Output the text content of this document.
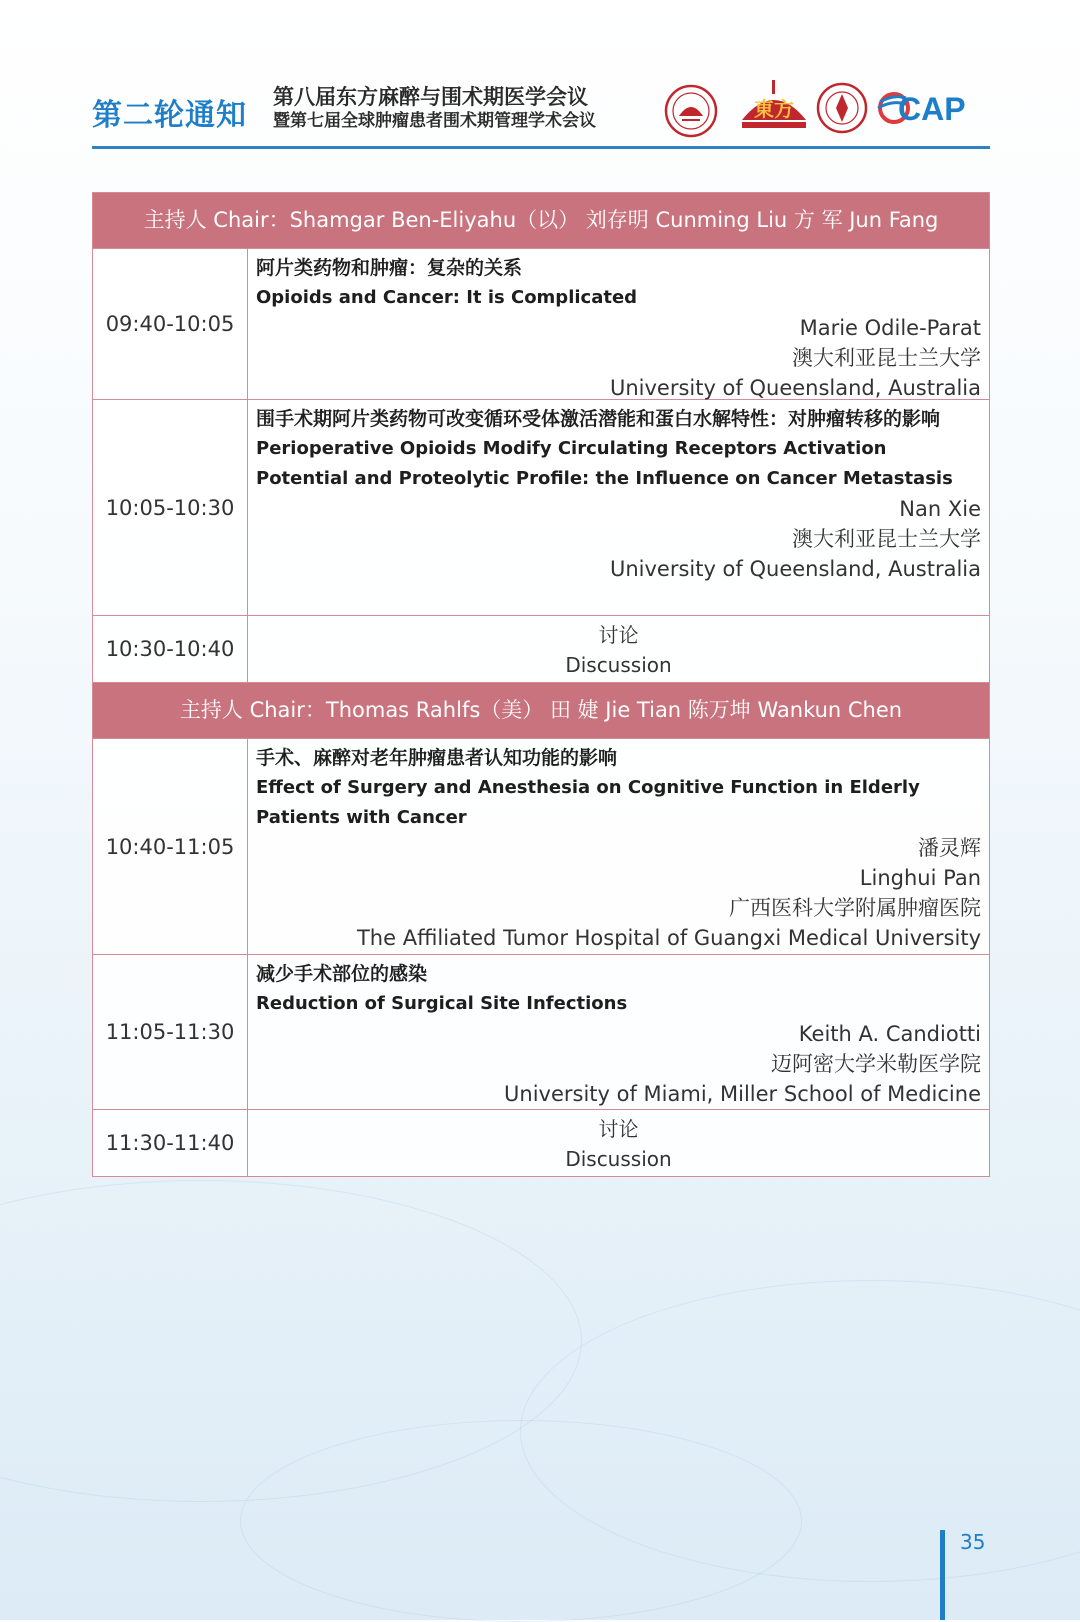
第二轮通知
第八届东方麻醉与围术期医学会议
暨第七届全球肿瘤患者围术期管理学术会议	東方	CAP
主持人 Chair：Shamgar Ben-Eliyahu（以） 刘存明 Cunming Liu 方 军 Jun Fang
09:40-10:05
阿片类药物和肿瘤：复杂的关系
Opioids and Cancer: It is Complicated
Marie Odile-Parat
澳大利亚昆士兰大学
University of Queensland, Australia
10:05-10:30
围手术期阿片类药物可改变循环受体激活潜能和蛋白水解特性：对肿瘤转移的影响
Perioperative Opioids Modify Circulating Receptors Activation Potential and Proteolytic Profile: the Influence on Cancer Metastasis
Nan Xie
澳大利亚昆士兰大学
University of Queensland, Australia
10:30-10:40
讨论
Discussion
主持人 Chair：Thomas Rahlfs（美） 田 婕 Jie Tian 陈万坤 Wankun Chen
10:40-11:05
手术、麻醉对老年肿瘤患者认知功能的影响
Effect of Surgery and Anesthesia on Cognitive Function in Elderly Patients with Cancer
潘灵辉
Linghui Pan
广西医科大学附属肿瘤医院
The Affiliated Tumor Hospital of Guangxi Medical University
11:05-11:30
减少手术部位的感染
Reduction of Surgical Site Infections
Keith A. Candiotti
迈阿密大学米勒医学院
University of Miami, Miller School of Medicine
11:30-11:40
讨论
Discussion
35
